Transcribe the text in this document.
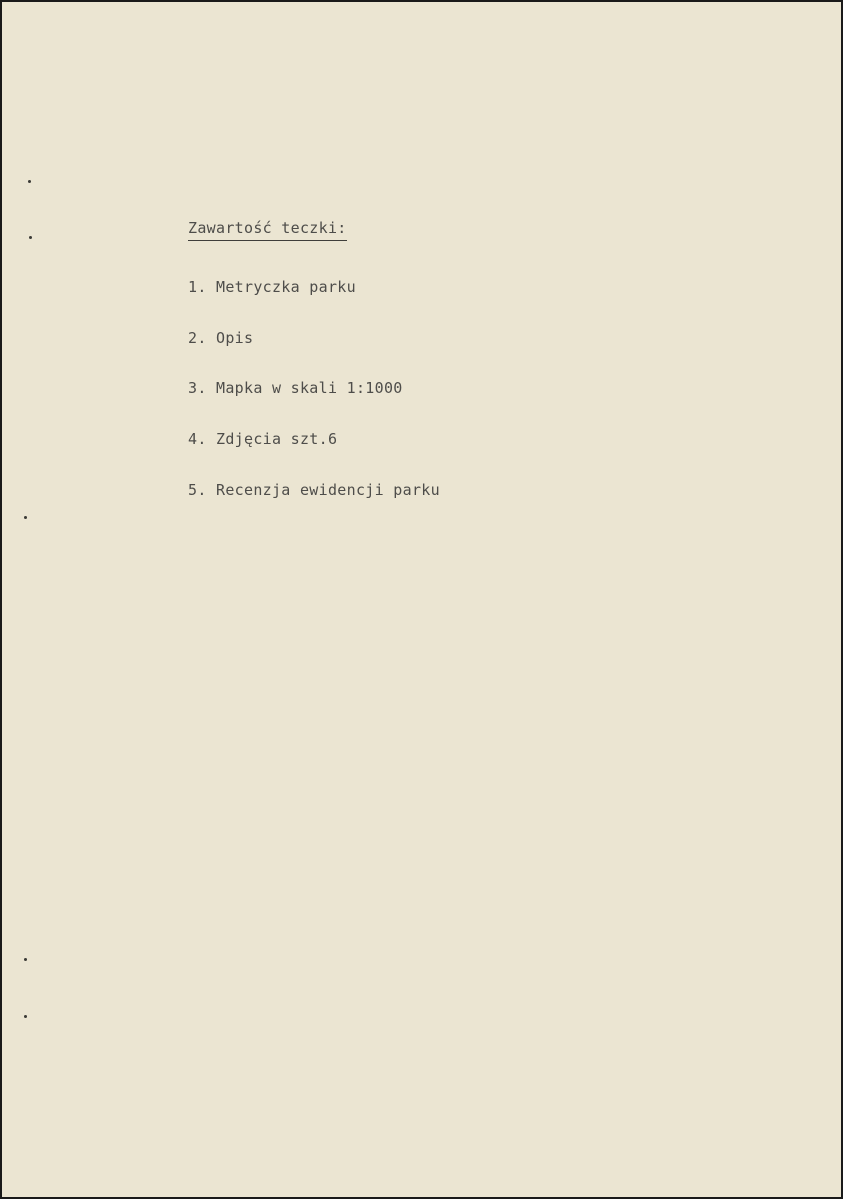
Zawartość teczki:
1. Metryczka parku
2. Opis
3. Mapka w skali 1:1000
4. Zdjęcia szt.6
5. Recenzja ewidencji parku
